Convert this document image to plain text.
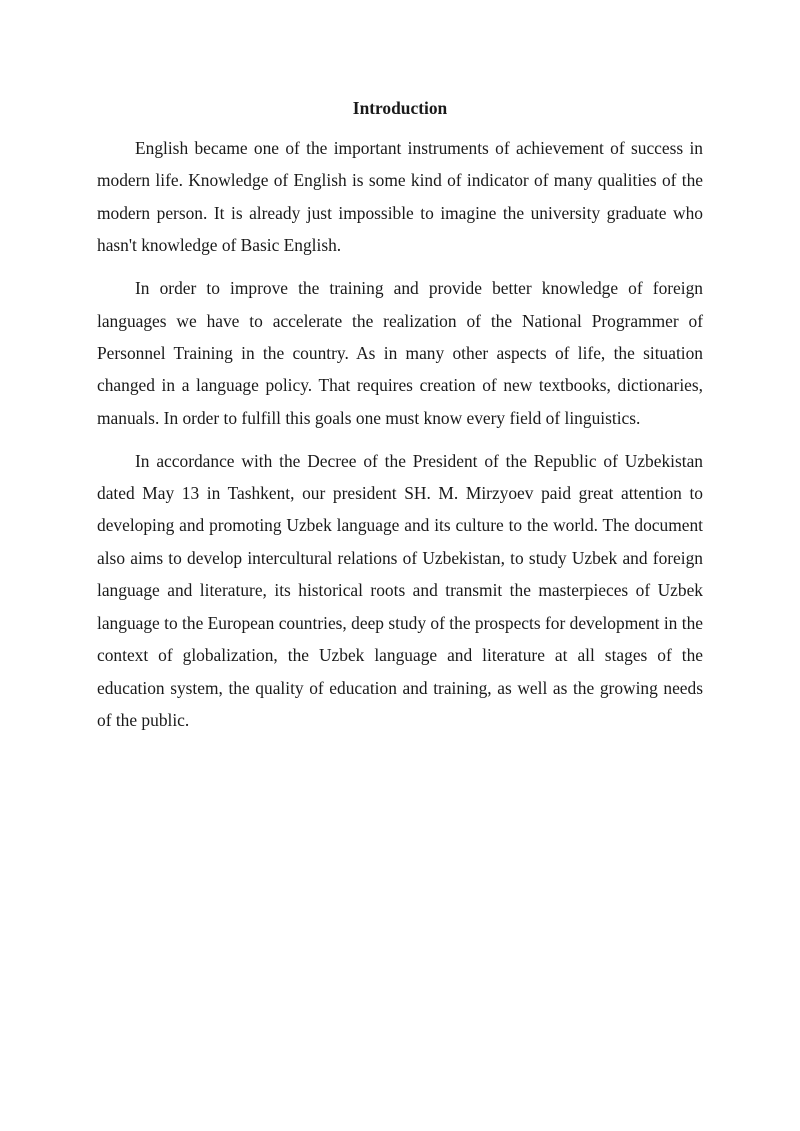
Introduction

English became one of the important instruments of achievement of success in modern life. Knowledge of English is some kind of indicator of many qualities of the modern person. It is already just impossible to imagine the university graduate who hasn't knowledge of Basic English.

In order to improve the training and provide better knowledge of foreign languages we have to accelerate the realization of the National Programmer of Personnel Training in the country. As in many other aspects of life, the situation changed in a language policy. That requires creation of new textbooks, dictionaries, manuals. In order to fulfill this goals one must know every field of linguistics.

In accordance with the Decree of the President of the Republic of Uzbekistan dated May 13 in Tashkent, our president SH. M. Mirzyoev paid great attention to developing and promoting Uzbek language and its culture to the world. The document also aims to develop intercultural relations of Uzbekistan, to study Uzbek and foreign language and literature, its historical roots and transmit the masterpieces of Uzbek language to the European countries, deep study of the prospects for development in the context of globalization, the Uzbek language and literature at all stages of the education system, the quality of education and training, as well as the growing needs of the public.
